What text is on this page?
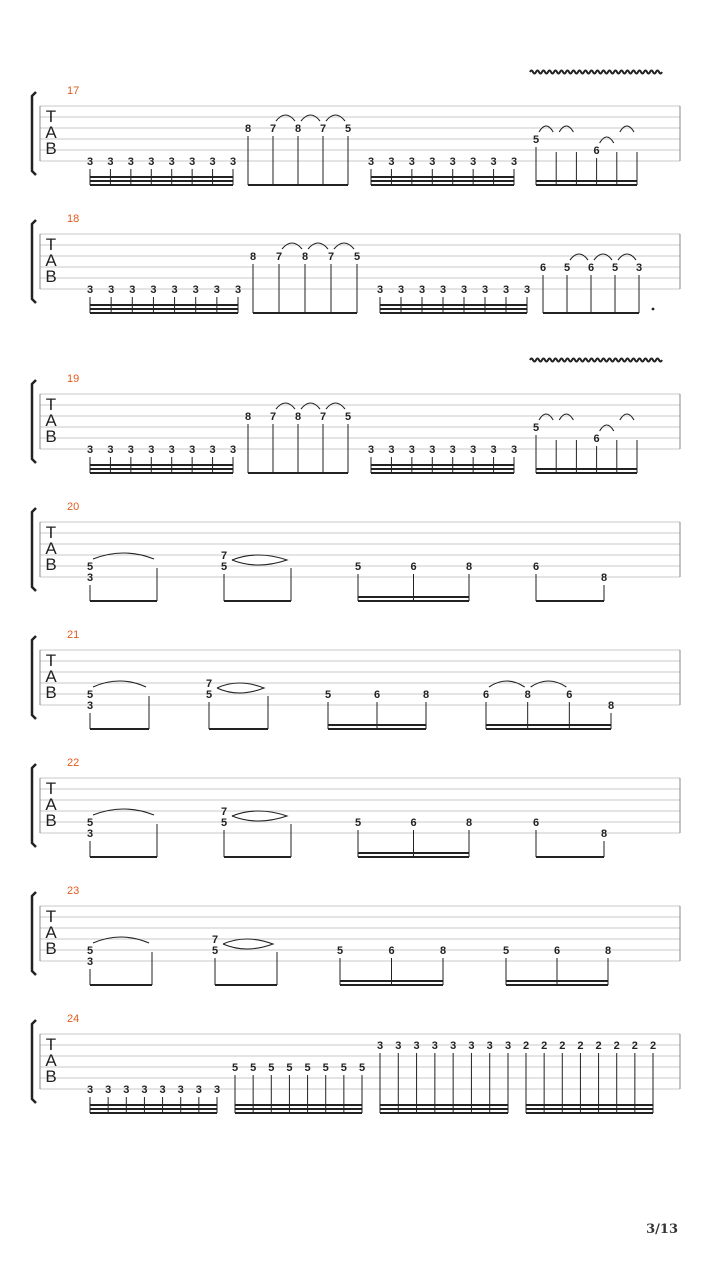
T
A
B
17
3 3 3 3 3 3 3 3
8 7 8 7 5
3 3 3 3 3 3 3 3
5
6
T
A
B
18
3 3 3 3 3 3 3 3
8 7 8 7 5
3 3 3 3 3 3 3 3
6 5 6 5 3
T
A
B
19
3 3 3 3 3 3 3 3
8 7 8 7 5
3 3 3 3 3 3 3 3
5
6
T
A
B
20
5
3
7
5	5	6	8	6
8
T
A
B
21
5
3
7
5	5	6	8	6	8	6
8
T
A
B
22
5
3
7
5	5	6	8	6
8
T
A
B
23
5
3
7
5	5	6	8	5	6	8
T
A
B
24
3 3 3 3 3 3 3 3
5 5 5 5 5 5 5 5
3 3 3 3 3 3 3 3 2 2 2 2 2 2 2 2
3/13
